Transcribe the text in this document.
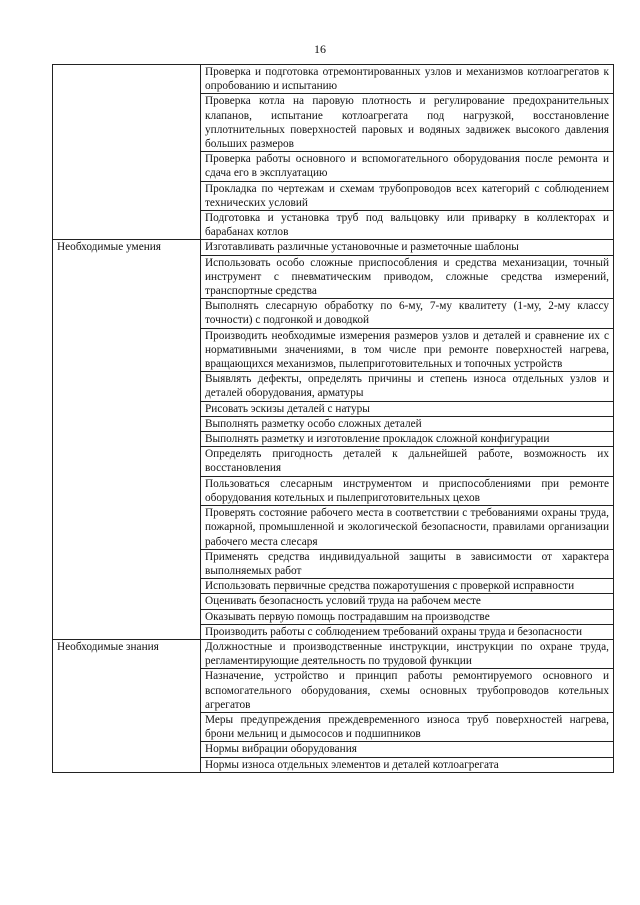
16
	Проверка и подготовка отремонтированных узлов и механизмов котлоагрегатов к опробованию и испытанию
	Проверка котла на паровую плотность и регулирование предохранительных клапанов, испытание котлоагрегата под нагрузкой, восстановление уплотнительных поверхностей паровых и водяных задвижек высокого давления больших размеров
	Проверка работы основного и вспомогательного оборудования после ремонта и сдача его в эксплуатацию
	Прокладка по чертежам и схемам трубопроводов всех категорий с соблюдением технических условий
	Подготовка и установка труб под вальцовку или приварку в коллекторах и барабанах котлов
Необходимые умения	Изготавливать различные установочные и разметочные шаблоны
	Использовать особо сложные приспособления и средства механизации, точный инструмент с пневматическим приводом, сложные средства измерений, транспортные средства
	Выполнять слесарную обработку по 6-му, 7-му квалитету (1-му, 2-му классу точности) с подгонкой и доводкой
	Производить необходимые измерения размеров узлов и деталей и сравнение их с нормативными значениями, в том числе при ремонте поверхностей нагрева, вращающихся механизмов, пылеприготовительных и топочных устройств
	Выявлять дефекты, определять причины и степень износа отдельных узлов и деталей оборудования, арматуры
	Рисовать эскизы деталей с натуры
	Выполнять разметку особо сложных деталей
	Выполнять разметку и изготовление прокладок сложной конфигурации
	Определять пригодность деталей к дальнейшей работе, возможность их восстановления
	Пользоваться слесарным инструментом и приспособлениями при ремонте оборудования котельных и пылеприготовительных цехов
	Проверять состояние рабочего места в соответствии с требованиями охраны труда, пожарной, промышленной и экологической безопасности, правилами организации рабочего места слесаря
	Применять средства индивидуальной защиты в зависимости от характера выполняемых работ
	Использовать первичные средства пожаротушения с проверкой исправности
	Оценивать безопасность условий труда на рабочем месте
	Оказывать первую помощь пострадавшим на производстве
	Производить работы с соблюдением требований охраны труда и безопасности
Необходимые знания	Должностные и производственные инструкции, инструкции по охране труда, регламентирующие деятельность по трудовой функции
	Назначение, устройство и принцип работы ремонтируемого основного и вспомогательного оборудования, схемы основных трубопроводов котельных агрегатов
	Меры предупреждения преждевременного износа труб поверхностей нагрева, брони мельниц и дымососов и подшипников
	Нормы вибрации оборудования
	Нормы износа отдельных элементов и деталей котлоагрегата
